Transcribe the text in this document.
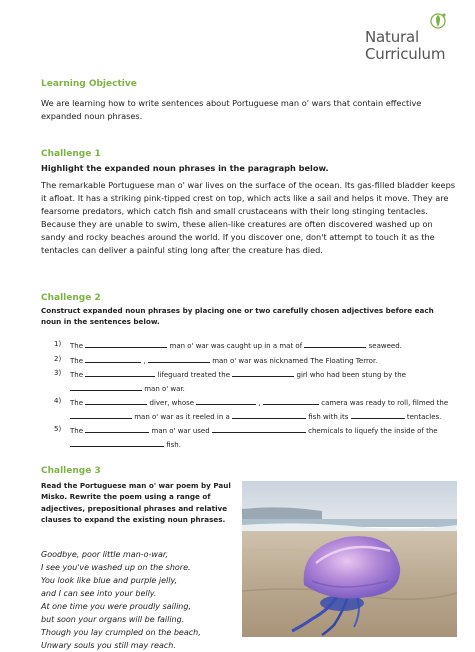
Natural
Curriculum
Learning Objective
We are learning how to write sentences about Portuguese man o' wars that contain effective expanded noun phrases.
Challenge 1
Highlight the expanded noun phrases in the paragraph below.
The remarkable Portuguese man o' war lives on the surface of the ocean. Its gas-filled bladder keeps it afloat. It has a striking pink-tipped crest on top, which acts like a sail and helps it move. They are fearsome predators, which catch fish and small crustaceans with their long stinging tentacles. Because they are unable to swim, these alien-like creatures are often discovered washed up on sandy and rocky beaches around the world. If you discover one, don't attempt to touch it as the tentacles can deliver a painful sting long after the creature has died.
Challenge 2
Construct expanded noun phrases by placing one or two carefully chosen adjectives before each noun in the sentences below.
1) The	man o' war was caught up in a mat of	seaweed.
2) The	,	man o' war was nicknamed The Floating Terror.
3) The	lifeguard treated the	girl who had been stung by the  man o' war.
4) The	diver, whose	,	camera was ready to roll, filmed the  man o' war as it reeled in a	fish with its	tentacles.
5) The	man o' war used	chemicals to liquefy the inside of the  fish.
Challenge 3
Read the Portuguese man o' war poem by Paul Misko. Rewrite the poem using a range of adjectives, prepositional phrases and relative clauses to expand the existing noun phrases.
Goodbye, poor little man-o-war,
I see you've washed up on the shore.
You look like blue and purple jelly,
and I can see into your belly.
At one time you were proudly sailing,
but soon your organs will be failing.
Though you lay crumpled on the beach,
Unwary souls you still may reach.
